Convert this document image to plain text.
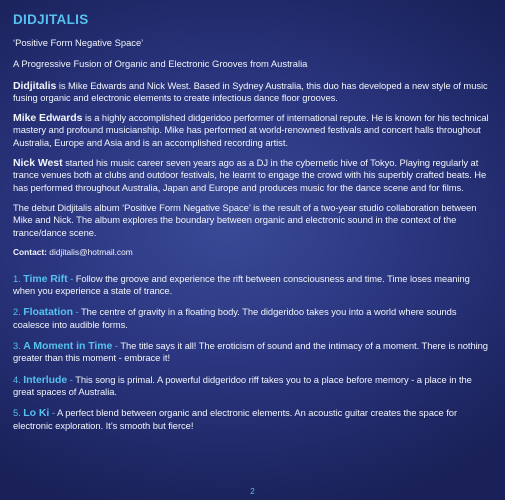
DIDJITALIS

‘Positive Form Negative Space’

A Progressive Fusion of Organic and Electronic Grooves from Australia

Didjitalis is Mike Edwards and Nick West. Based in Sydney Australia, this duo has developed a new style of music fusing organic and electronic elements to create infectious dance floor grooves.

Mike Edwards is a highly accomplished didgeridoo performer of international repute. He is known for his technical mastery and profound musicianship. Mike has performed at world-renowned festivals and concert halls throughout Australia, Europe and Asia and is an accomplished recording artist.

Nick West started his music career seven years ago as a DJ in the cybernetic hive of Tokyo. Playing regularly at trance venues both at clubs and outdoor festivals, he learnt to engage the crowd with his superbly crafted beats. He has performed throughout Australia, Japan and Europe and produces music for the dance scene and for films.

The debut Didjitalis album ‘Positive Form Negative Space’ is the result of a two-year studio collaboration between Mike and Nick. The album explores the boundary between organic and electronic sound in the context of the trance/dance scene.

Contact: didjitalis@hotmail.com

1. Time Rift - Follow the groove and experience the rift between consciousness and time. Time loses meaning when you experience a state of trance.

2. Floatation - The centre of gravity in a floating body. The didgeridoo takes you into a world where sounds coalesce into audible forms.

3. A Moment in Time - The title says it all! The eroticism of sound and the intimacy of a moment. There is nothing greater than this moment - embrace it!

4. Interlude - This song is primal. A powerful didgeridoo riff takes you to a place before memory - a place in the great spaces of Australia.

5. Lo Ki - A perfect blend between organic and electronic elements. An acoustic guitar creates the space for electronic exploration. It’s smooth but fierce!

2
